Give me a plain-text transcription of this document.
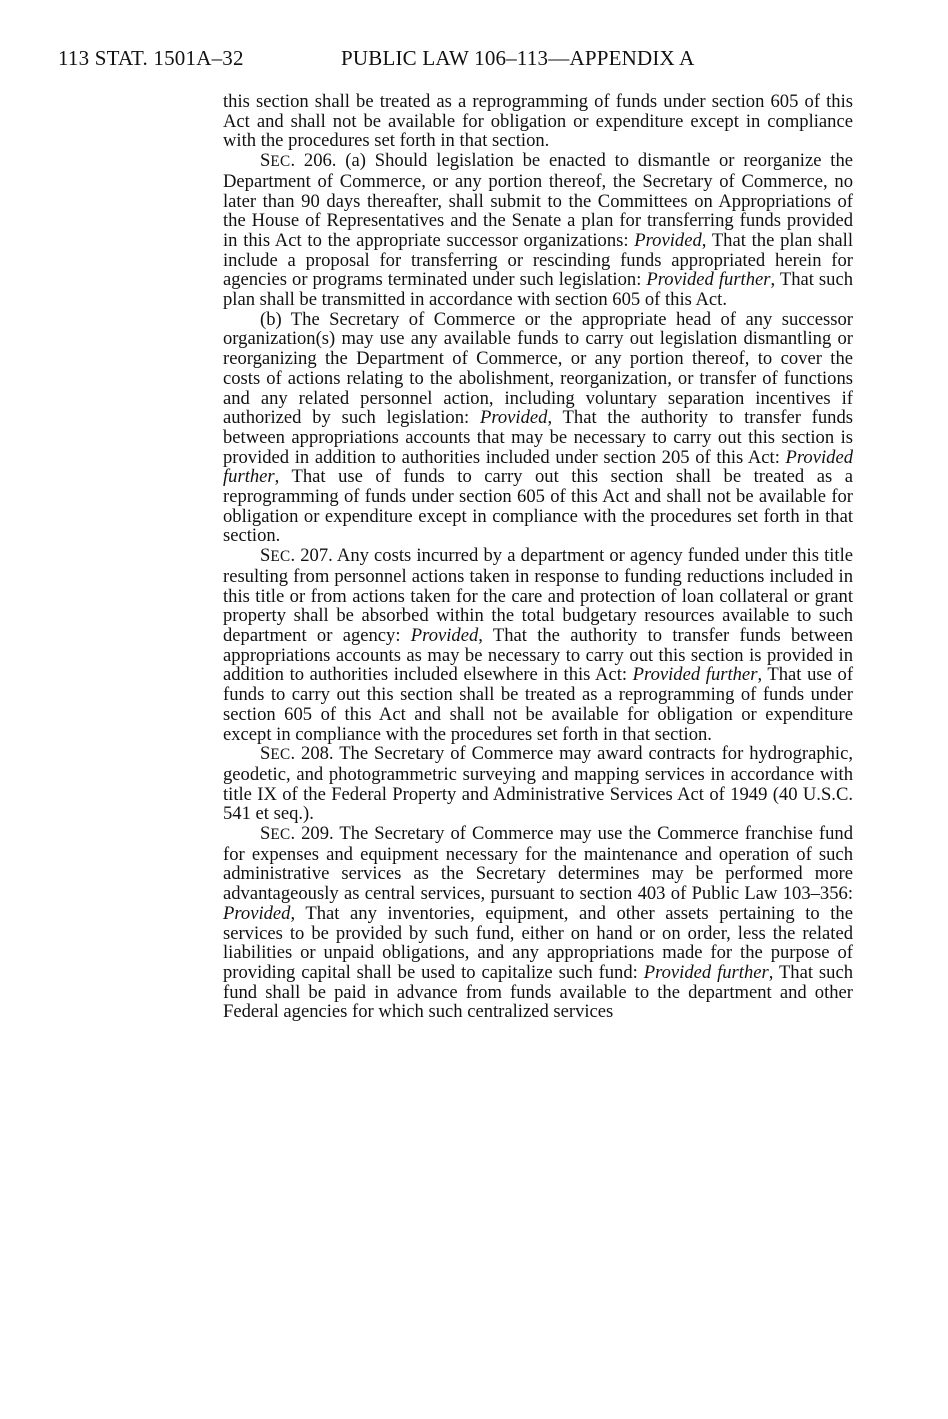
113 STAT. 1501A–32	PUBLIC LAW 106–113—APPENDIX A

this section shall be treated as a reprogramming of funds under section 605 of this Act and shall not be available for obligation or expenditure except in compliance with the procedures set forth in that section.

SEC. 206. (a) Should legislation be enacted to dismantle or reorganize the Department of Commerce, or any portion thereof, the Secretary of Commerce, no later than 90 days thereafter, shall submit to the Committees on Appropriations of the House of Representatives and the Senate a plan for transferring funds provided in this Act to the appropriate successor organizations: Provided, That the plan shall include a proposal for transferring or rescinding funds appropriated herein for agencies or programs terminated under such legislation: Provided further, That such plan shall be transmitted in accordance with section 605 of this Act.

(b) The Secretary of Commerce or the appropriate head of any successor organization(s) may use any available funds to carry out legislation dismantling or reorganizing the Department of Commerce, or any portion thereof, to cover the costs of actions relating to the abolishment, reorganization, or transfer of functions and any related personnel action, including voluntary separation incentives if authorized by such legislation: Provided, That the authority to transfer funds between appropriations accounts that may be necessary to carry out this section is provided in addition to authorities included under section 205 of this Act: Provided further, That use of funds to carry out this section shall be treated as a reprogramming of funds under section 605 of this Act and shall not be available for obligation or expenditure except in compliance with the procedures set forth in that section.

SEC. 207. Any costs incurred by a department or agency funded under this title resulting from personnel actions taken in response to funding reductions included in this title or from actions taken for the care and protection of loan collateral or grant property shall be absorbed within the total budgetary resources available to such department or agency: Provided, That the authority to transfer funds between appropriations accounts as may be necessary to carry out this section is provided in addition to authorities included elsewhere in this Act: Provided further, That use of funds to carry out this section shall be treated as a reprogramming of funds under section 605 of this Act and shall not be available for obligation or expenditure except in compliance with the procedures set forth in that section.

SEC. 208. The Secretary of Commerce may award contracts for hydrographic, geodetic, and photogrammetric surveying and mapping services in accordance with title IX of the Federal Property and Administrative Services Act of 1949 (40 U.S.C. 541 et seq.).

SEC. 209. The Secretary of Commerce may use the Commerce franchise fund for expenses and equipment necessary for the maintenance and operation of such administrative services as the Secretary determines may be performed more advantageously as central services, pursuant to section 403 of Public Law 103–356: Provided, That any inventories, equipment, and other assets pertaining to the services to be provided by such fund, either on hand or on order, less the related liabilities or unpaid obligations, and any appropriations made for the purpose of providing capital shall be used to capitalize such fund: Provided further, That such fund shall be paid in advance from funds available to the department and other Federal agencies for which such centralized services
